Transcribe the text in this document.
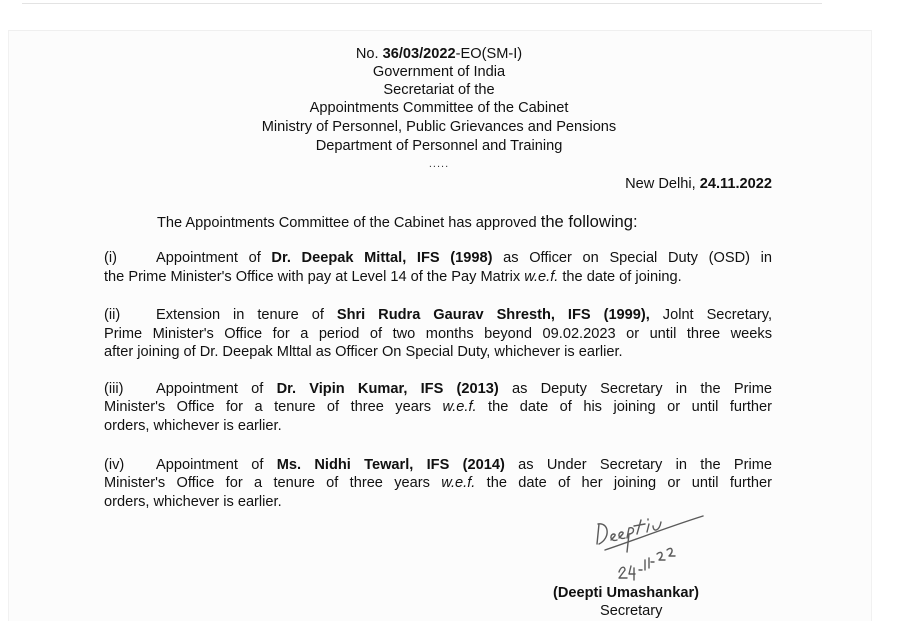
No. 36/03/2022-EO(SM-I)
Government of India
Secretariat of the
Appointments Committee of the Cabinet
Ministry of Personnel, Public Grievances and Pensions
Department of Personnel and Training
.....
New Delhi, 24.11.2022
The Appointments Committee of the Cabinet has approved the following:
(i)	Appointment of Dr. Deepak Mittal, IFS (1998) as Officer on Special Duty (OSD) in
the Prime Minister's Office with pay at Level 14 of the Pay Matrix w.e.f. the date of joining.
(ii) Extension in tenure of Shri Rudra Gaurav Shresth, IFS (1999), Jolnt Secretary,
Prime Minister's Office for a period of two months beyond 09.02.2023 or until three weeks
after joining of Dr. Deepak Mlttal as Officer On Special Duty, whichever is earlier.
(iii) Appointment of Dr. Vipin Kumar, IFS (2013) as Deputy Secretary in the Prime
Minister's Office for a tenure of three years w.e.f. the date of his joining or until further
orders, whichever is earlier.
(iv) Appointment of Ms. Nidhi Tewarl, IFS (2014) as Under Secretary in the Prime
Minister's Office for a tenure of three years w.e.f. the date of her joining or until further
orders, whichever is earlier.
(Deepti Umashankar)
Secretary
